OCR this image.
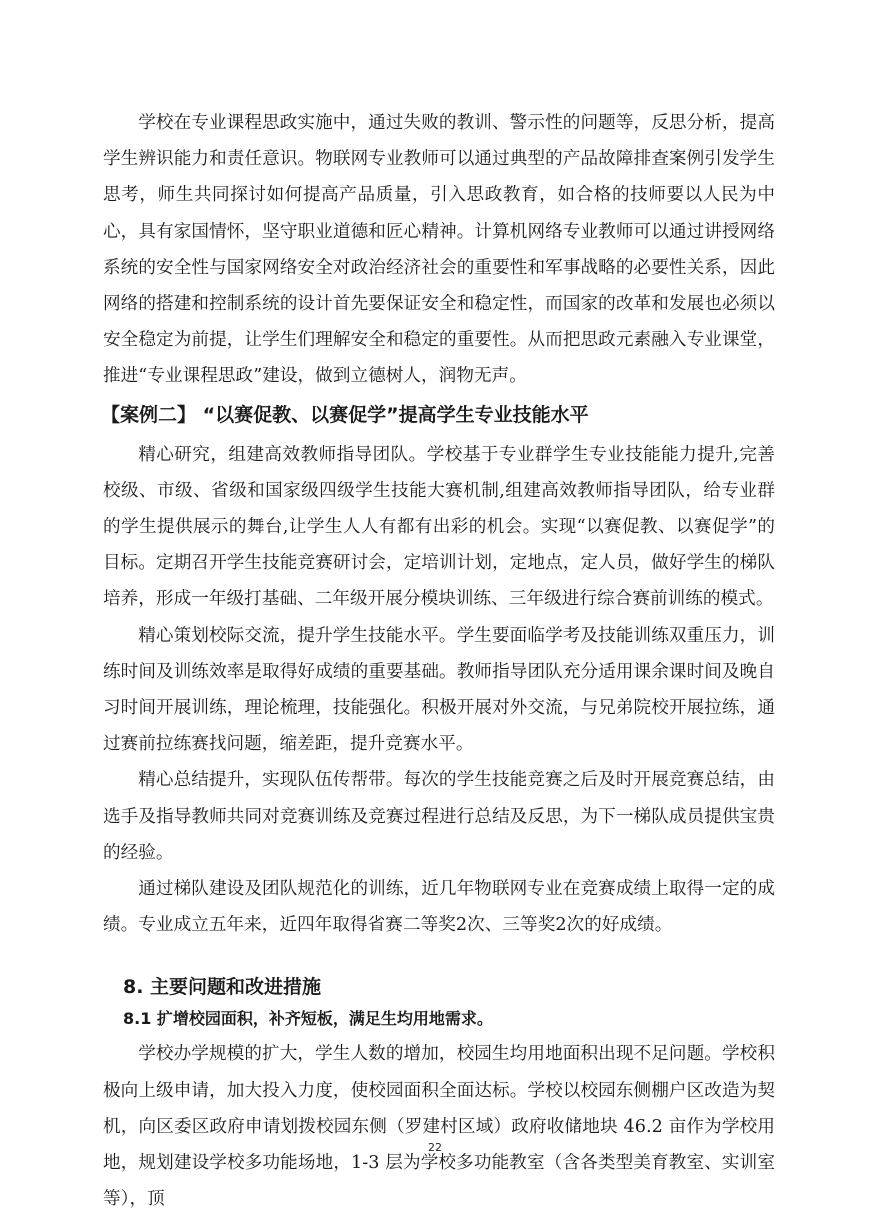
学校在专业课程思政实施中，通过失败的教训、警示性的问题等，反思分析，提高学生辨识能力和责任意识。物联网专业教师可以通过典型的产品故障排查案例引发学生思考，师生共同探讨如何提高产品质量，引入思政教育，如合格的技师要以人民为中心，具有家国情怀，坚守职业道德和匠心精神。计算机网络专业教师可以通过讲授网络系统的安全性与国家网络安全对政治经济社会的重要性和军事战略的必要性关系，因此网络的搭建和控制系统的设计首先要保证安全和稳定性，而国家的改革和发展也必须以安全稳定为前提，让学生们理解安全和稳定的重要性。从而把思政元素融入专业课堂，推进“专业课程思政”建设，做到立德树人，润物无声。

【案例二】 “以赛促教、以赛促学”提高学生专业技能水平

精心研究，组建高效教师指导团队。学校基于专业群学生专业技能能力提升,完善校级、市级、省级和国家级四级学生技能大赛机制,组建高效教师指导团队，给专业群的学生提供展示的舞台,让学生人人有都有出彩的机会。实现“以赛促教、以赛促学”的目标。定期召开学生技能竞赛研讨会，定培训计划，定地点，定人员，做好学生的梯队培养，形成一年级打基础、二年级开展分模块训练、三年级进行综合赛前训练的模式。

精心策划校际交流，提升学生技能水平。学生要面临学考及技能训练双重压力，训练时间及训练效率是取得好成绩的重要基础。教师指导团队充分适用课余课时间及晚自习时间开展训练，理论梳理，技能强化。积极开展对外交流，与兄弟院校开展拉练，通过赛前拉练赛找问题，缩差距，提升竞赛水平。

精心总结提升，实现队伍传帮带。每次的学生技能竞赛之后及时开展竞赛总结，由选手及指导教师共同对竞赛训练及竞赛过程进行总结及反思，为下一梯队成员提供宝贵的经验。

通过梯队建设及团队规范化的训练，近几年物联网专业在竞赛成绩上取得一定的成绩。专业成立五年来，近四年取得省赛二等奖2次、三等奖2次的好成绩。

8. 主要问题和改进措施
8.1 扩增校园面积，补齐短板，满足生均用地需求。

学校办学规模的扩大，学生人数的增加，校园生均用地面积出现不足问题。学校积极向上级申请，加大投入力度，使校园面积全面达标。学校以校园东侧棚户区改造为契机，向区委区政府申请划拨校园东侧（罗建村区域）政府收储地块 46.2 亩作为学校用地，规划建设学校多功能场地，1-3 层为学校多功能教室（含各类型美育教室、实训室等），顶

22
